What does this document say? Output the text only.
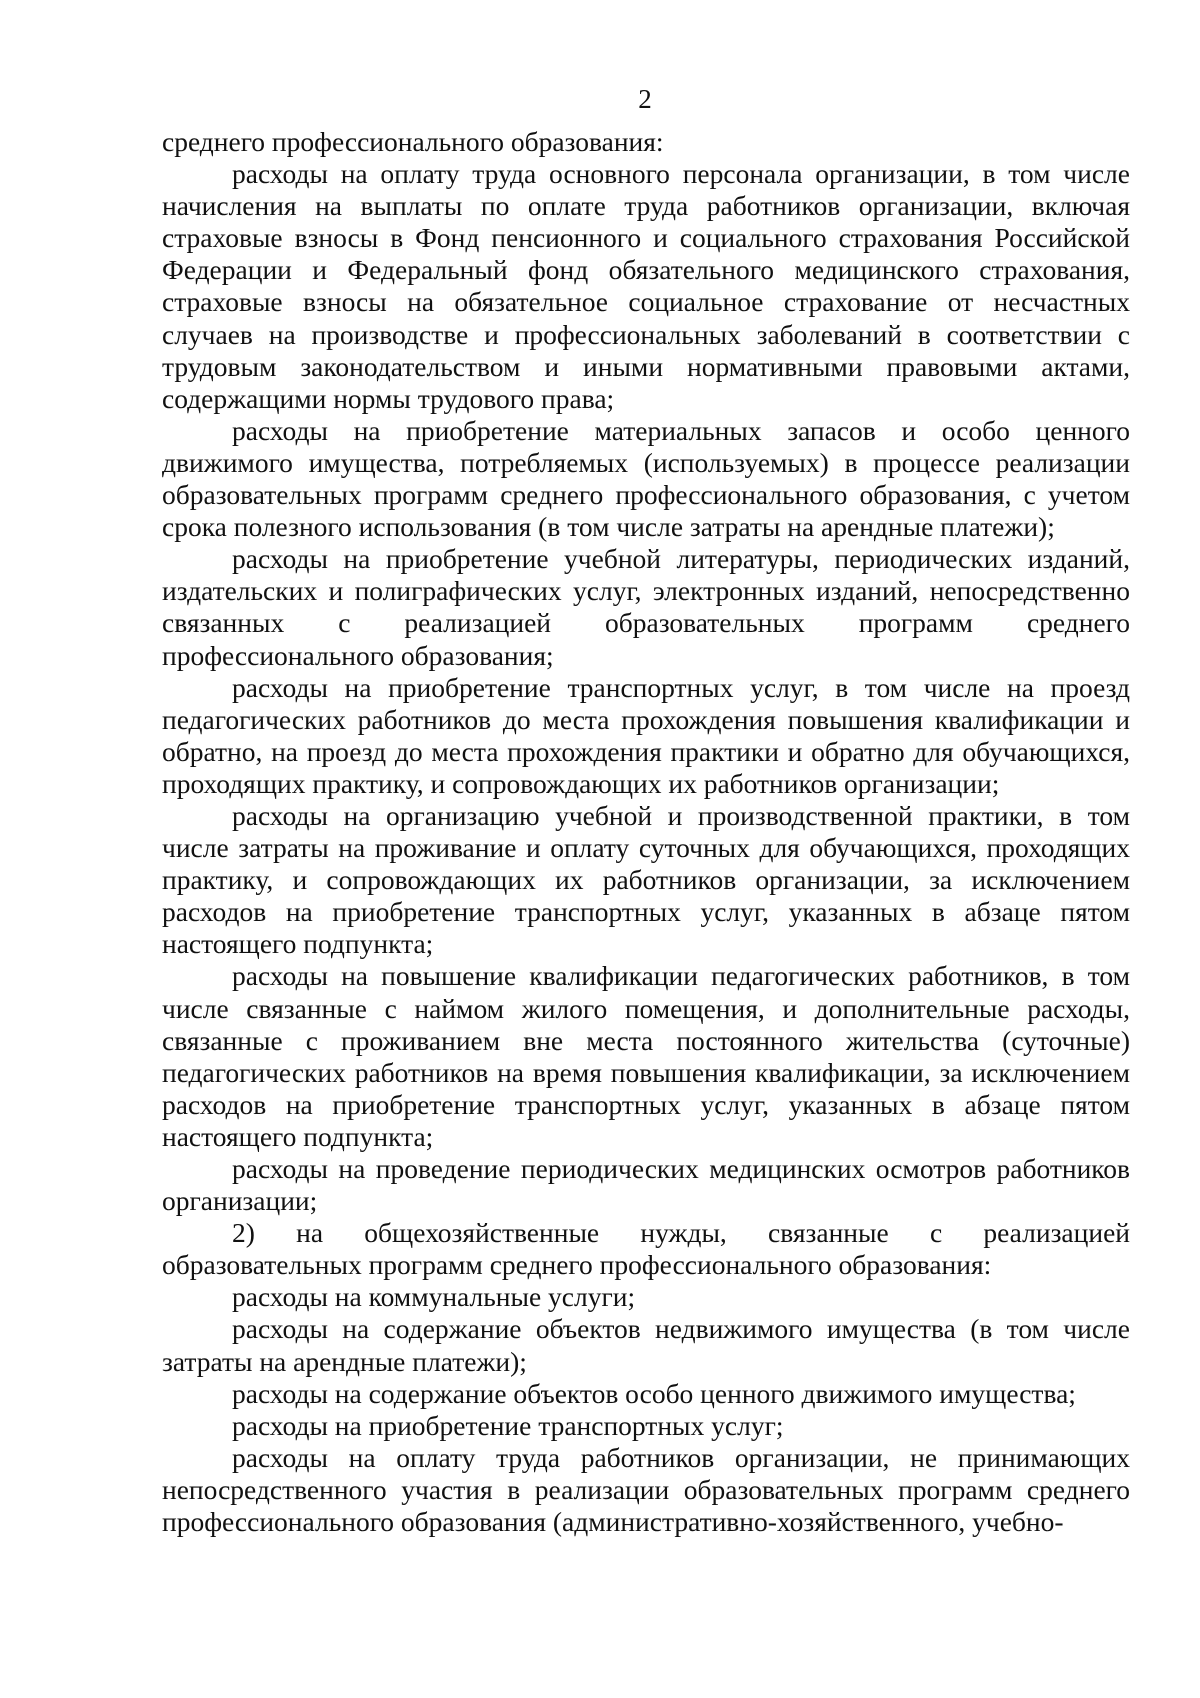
2

среднего профессионального образования:

расходы на оплату труда основного персонала организации, в том числе начисления на выплаты по оплате труда работников организации, включая страховые взносы в Фонд пенсионного и социального страхования Российской Федерации и Федеральный фонд обязательного медицинского страхования, страховые взносы на обязательное социальное страхование от несчастных случаев на производстве и профессиональных заболеваний в соответствии с трудовым законодательством и иными нормативными правовыми актами, содержащими нормы трудового права;

расходы на приобретение материальных запасов и особо ценного движимого имущества, потребляемых (используемых) в процессе реализации образовательных программ среднего профессионального образования, с учетом срока полезного использования (в том числе затраты на арендные платежи);

расходы на приобретение учебной литературы, периодических изданий, издательских и полиграфических услуг, электронных изданий, непосредственно связанных с реализацией образовательных программ среднего профессионального образования;

расходы на приобретение транспортных услуг, в том числе на проезд педагогических работников до места прохождения повышения квалификации и обратно, на проезд до места прохождения практики и обратно для обучающихся, проходящих практику, и сопровождающих их работников организации;

расходы на организацию учебной и производственной практики, в том числе затраты на проживание и оплату суточных для обучающихся, проходящих практику, и сопровождающих их работников организации, за исключением расходов на приобретение транспортных услуг, указанных в абзаце пятом настоящего подпункта;

расходы на повышение квалификации педагогических работников, в том числе связанные с наймом жилого помещения, и дополнительные расходы, связанные с проживанием вне места постоянного жительства (суточные) педагогических работников на время повышения квалификации, за исключением расходов на приобретение транспортных услуг, указанных в абзаце пятом настоящего подпункта;

расходы на проведение периодических медицинских осмотров работников организации;

2) на общехозяйственные нужды, связанные с реализацией образовательных программ среднего профессионального образования:

расходы на коммунальные услуги;

расходы на содержание объектов недвижимого имущества (в том числе затраты на арендные платежи);

расходы на содержание объектов особо ценного движимого имущества;

расходы на приобретение транспортных услуг;

расходы на оплату труда работников организации, не принимающих непосредственного участия в реализации образовательных программ среднего профессионального образования (административно-хозяйственного, учебно-
